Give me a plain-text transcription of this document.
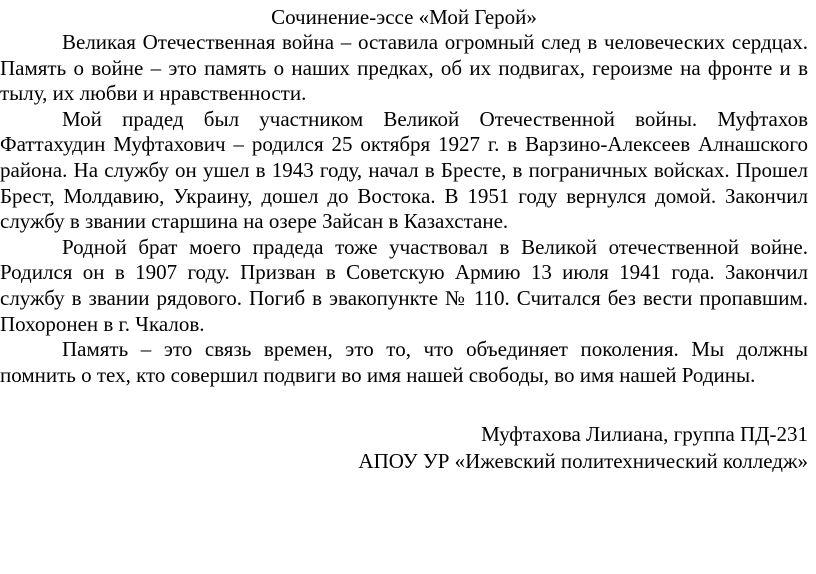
Сочинение-эссе «Мой Герой»

Великая Отечественная война – оставила огромный след в человеческих сердцах. Память о войне – это память о наших предках, об их подвигах, героизме на фронте и в тылу, их любви и нравственности.

Мой прадед был участником Великой Отечественной войны. Муфтахов Фаттахудин Муфтахович – родился 25 октября 1927 г. в Варзино-Алексеев Алнашского района. На службу он ушел в 1943 году, начал в Бресте, в пограничных войсках. Прошел Брест, Молдавию, Украину, дошел до Востока. В 1951 году вернулся домой. Закончил службу в звании старшина на озере Зайсан в Казахстане.

Родной брат моего прадеда тоже участвовал в Великой отечественной войне. Родился он в 1907 году. Призван в Советскую Армию 13 июля 1941 года. Закончил службу в звании рядового. Погиб в эвакопункте № 110. Считался без вести пропавшим. Похоронен в г. Чкалов.

Память – это связь времен, это то, что объединяет поколения. Мы должны помнить о тех, кто совершил подвиги во имя нашей свободы, во имя нашей Родины.

Муфтахова Лилиана, группа ПД-231

АПОУ УР «Ижевский политехнический колледж»
